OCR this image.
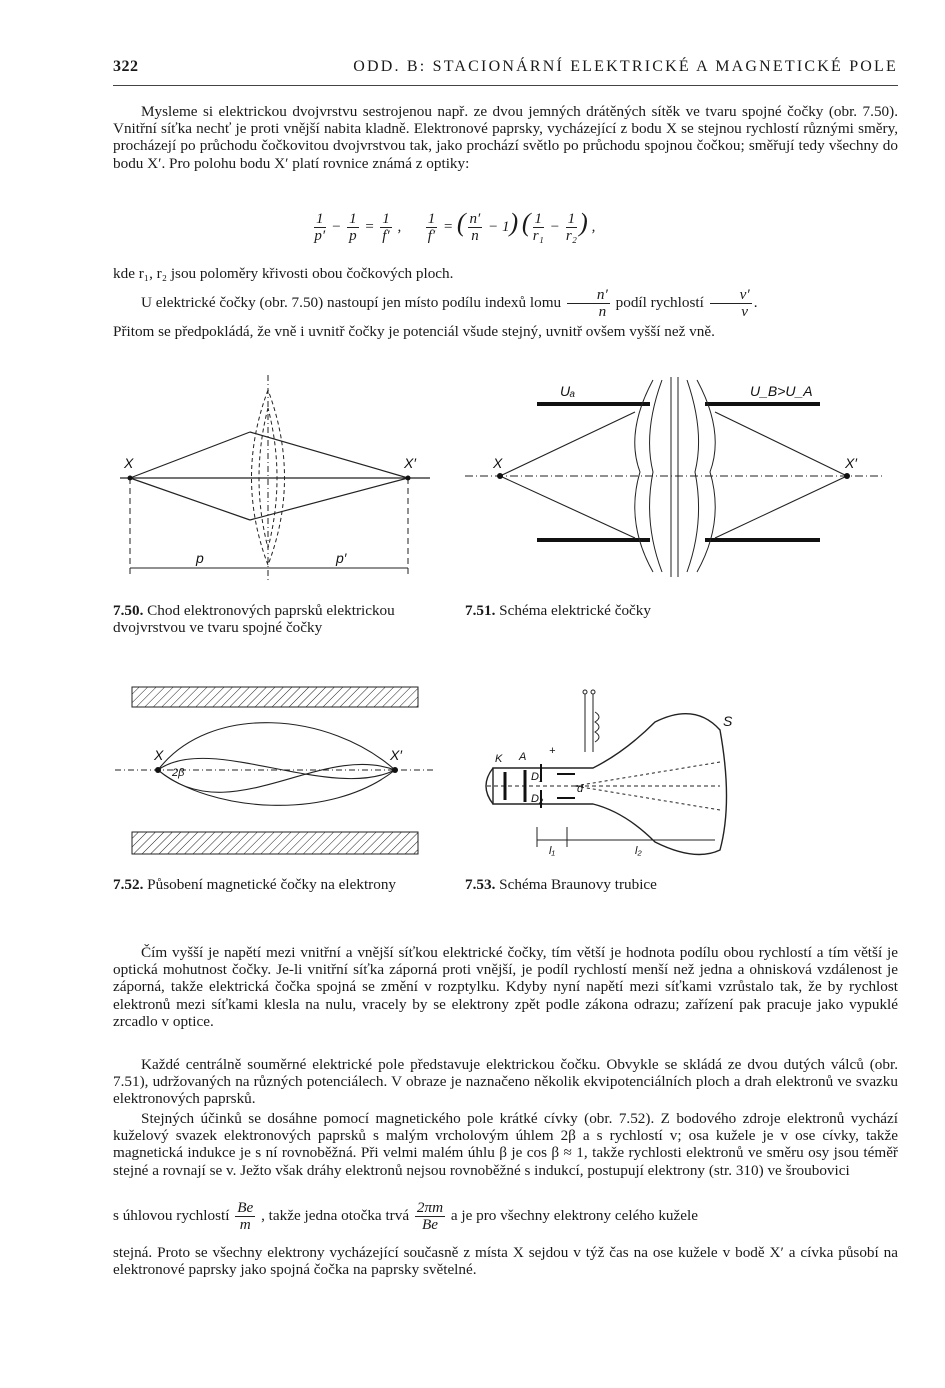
322	ODD. B: STACIONÁRNÍ ELEKTRICKÉ A MAGNETICKÉ POLE

Mysleme si elektrickou dvojvrstvu sestrojenou např. ze dvou jemných drátěných sítěk ve tvaru spojné čočky (obr. 7.50). Vnitřní síťka nechť je proti vnější nabita kladně. Elektronové paprsky, vycházející z bodu X se stejnou rychlostí různými směry, procházejí po průchodu čočkovitou dvojvrstvou tak, jako prochází světlo po průchodu spojnou čočkou; směřují tedy všechny do bodu X′. Pro polohu bodu X′ platí rovnice známá z optiky:

$\frac{1}{p'} - \frac{1}{p} = \frac{1}{f'}$ , $\frac{1}{f'}$ = ( $\frac{n'}{n} - 1$) ( $\frac{1}{\text{r₁}} - \frac{1}{\text{r₂}}$ ) ,

kde r₁, r₂ jsou poloměry křivosti obou čočkových ploch.

U elektrické čočky (obr. 7.50) nastoupí jen místo podílu indexů lomu $\frac{n'}{n}$ podíl rychlostí $\frac{v'}{v}$ .

Přitom se předpokládá, že vně i uvnitř čočky je potenciál všude stejný, uvnitř ovšem vyšší než vně.

X	X′
p	p′
7.50. Chod elektronových paprsků elektrickou dvojvrstvou ve tvaru spojné čočky
X	X′
Uₐ	U_B>U_A
7.51. Schéma elektrické čočky
X	X′
2β
7.52. Působení magnetické čočky na elektrony
S
K A
D₁
D₂
d
+
l₁	l₂
7.53. Schéma Braunovy trubice

Čím vyšší je napětí mezi vnitřní a vnější síťkou elektrické čočky, tím větší je hodnota podílu obou rychlostí a tím větší je optická mohutnost čočky. Je-li vnitřní síťka záporná proti vnější, je podíl rychlostí menší než jedna a ohnisková vzdálenost je záporná, takže elektrická čočka spojná se změní v rozptylku. Kdyby nyní napětí mezi síťkami vzrůstalo tak, že by rychlost elektronů mezi síťkami klesla na nulu, vracely by se elektrony zpět podle zákona odrazu; zařízení pak pracuje jako vypuklé zrcadlo v optice.

Každé centrálně souměrné elektrické pole představuje elektrickou čočku. Obvykle se skládá ze dvou dutých válců (obr. 7.51), udržovaných na různých potenciálech. V obraze je naznačeno několik ekvipotenciálních ploch a drah elektronů ve svazku elektronových paprsků.

Stejných účinků se dosáhne pomocí magnetického pole krátké cívky (obr. 7.52). Z bodového zdroje elektronů vychází kuželový svazek elektronových paprsků s malým vrcholovým úhlem 2β a s rychlostí v; osa kužele je v ose cívky, takže magnetická indukce je s ní rovnoběžná. Při velmi malém úhlu β je cos β ≈ 1, takže rychlosti elektronů ve směru osy jsou téměř stejné a rovnají se v. Ježto však dráhy elektronů nejsou rovnoběžné s indukcí, postupují elektrony (str. 310) ve šroubovici

s úhlovou rychlostí $\frac{Be}{m}$ , takže jedna otočka trvá $\frac{2\pi m}{Be}$ a je pro všechny elektrony celého kužele

stejná. Proto se všechny elektrony vycházející současně z místa X sejdou v týž čas na ose kužele v bodě X′ a cívka působí na elektronové paprsky jako spojná čočka na paprsky světelné.
